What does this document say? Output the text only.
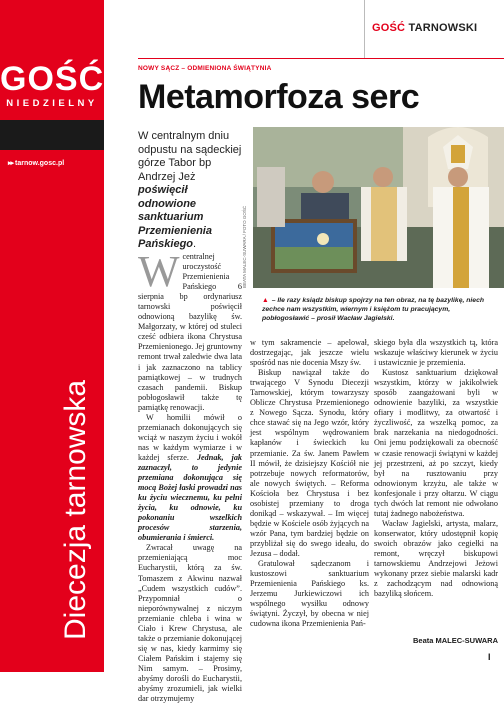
GOŚĆ
NIEDZIELNY
▸▸ tarnow.gosc.pl
Diecezja tarnowska
GOŚĆ TARNOWSKI
NOWY SĄCZ – ODMIENIONA ŚWIĄTYNIA
Metamorfoza serc
W centralnym dniu odpustu na sądeckiej górze Tabor bp Andrzej Jeż poświęcił odnowione sanktuarium Przemienienia Pańskiego.	BEATA MALEC-SUWARA / FOTO GOŚĆ
▲ – Ile razy ksiądz biskup spojrzy na ten obraz, na tę bazylikę, niech zechce nam wszystkim, wiernym i księżom tu pracującym, pobłogosławić – prosił Wacław Jagielski.

Wcentralnej uroczystość Przemienienia Pańskiego 6 sierpnia bp ordynariusz tarnowski poświęcił odnowioną bazylikę św. Małgorzaty, w której od stuleci cześć odbiera ikona Chrystusa Przemienionego. Jej gruntowny remont trwał zaledwie dwa lata i jak zaznaczono na tablicy pamiątkowej – w trudnych czasach pandemii. Biskup pobłogosławił także tę pamiątkę renowacji.

W homilii mówił o przemianach dokonujących się wciąż w naszym życiu i wokół nas w każdym wymiarze i w każdej sferze. Jednak, jak zaznaczył, to jedynie przemiana dokonująca się mocą Bożej łaski prowadzi nas ku życiu wiecznemu, ku pełni życia, ku odnowie, ku pokonaniu wszelkich procesów starzenia, obumierania i śmierci.

Zwracał uwagę na przemieniającą moc Eucharystii, którą za św. Tomaszem z Akwinu nazwał „Cudem wszystkich cudów”. Przypomniał o nieporównywalnej z niczym przemianie chleba i wina w Ciało i Krew Chrystusa, ale także o przemianie dokonującej się w nas, kiedy karmimy się Ciałem Pańskim i stajemy się Nim samym. – Prosimy, abyśmy dorośli do Eucharystii, abyśmy zrozumieli, jak wielki dar otrzymujemy

w tym sakramencie – apelował, dostrzegając, jak jeszcze wielu spośród nas nie docenia Mszy św.

Biskup nawiązał także do trwającego V Synodu Diecezji Tarnowskiej, którym towarzyszy Oblicze Chrystusa Przemienionego z Nowego Sącza. Synodu, który chce stawać się na Jego wzór, który jest wspólnym wędrowaniem kapłanów i świeckich ku przemianie. Za św. Janem Pawłem II mówił, że dzisiejszy Kościół nie potrzebuje nowych reformatorów, ale nowych świętych. – Reforma Kościoła bez Chrystusa i bez osobistej przemiany to droga donikąd – wskazywał. – Im więcej będzie w Kościele osób żyjących na wzór Pana, tym bardziej będzie on przybliżał się do swego ideału, do Jezusa – dodał.

Gratulował sądeczanom i kustoszowi sanktuarium Przemienienia Pańskiego ks. Jerzemu Jurkiewiczowi ich wspólnego wysiłku odnowy świątyni. Życzył, by obecna w niej cudowna ikona Przemienienia Pań-

skiego była dla wszystkich tą, która wskazuje właściwy kierunek w życiu i ustawicznie je przemienia.

Kustosz sanktuarium dziękował wszystkim, którzy w jakikolwiek sposób zaangażowani byli w odnowienie bazyliki, za wszystkie ofiary i modlitwy, za otwartość i życzliwość, za wszelką pomoc, za brak narzekania na niedogodności. Oni jemu podziękowali za obecność w czasie renowacji świątyni w każdej jej przestrzeni, aż po szczyt, kiedy był na rusztowaniu przy odnowionym krzyżu, ale także w konfesjonale i przy ołtarzu. W ciągu tych dwóch lat remont nie odwołano tutaj żadnego nabożeństwa.

Wacław Jagielski, artysta, malarz, konserwator, który udostępnił kopię swoich obrazów jako cegiełki na remont, wręczył biskupowi tarnowskiemu Andrzejowi Jeżowi wykonany przez siebie malarski kadr z zachodzącym nad odnowioną bazyliką słońcem.

Beata MALEC-SUWARA
I
